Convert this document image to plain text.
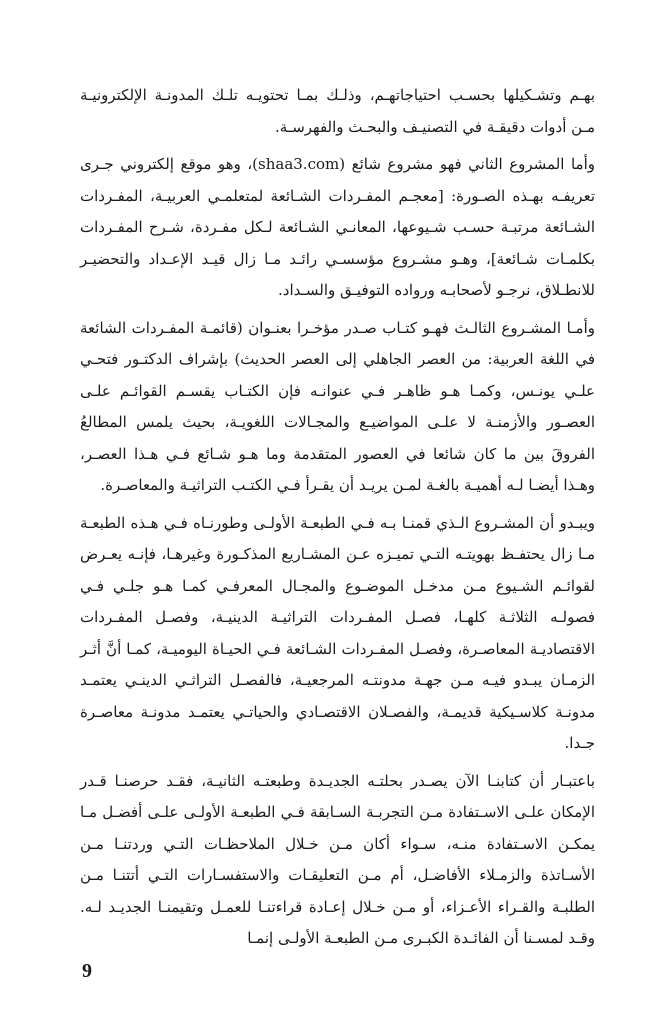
بهـم وتشـكيلها بحسـب احتياجاتهـم، وذلـك بمـا تحتويـه تلـك المدونـة الإلكترونيـة مـن أدوات دقيقـة في التصنيـف والبحـث والفهرسـة.

وأما المشروع الثاني فهو مشروع شائع (shaa3.com)، وهو موقع إلكتروني جـرى تعريفـه بهـذه الصـورة: [معجـم المفـردات الشـائعة لمتعلمـي العربيـة، المفـردات الشـائعة مرتبـة حسـب شـيوعها، المعانـي الشـائعة لـكل مفـردة، شـرح المفـردات بكلمـات شـائعة]، وهـو مشـروع مؤسسـي رائـد مـا زال قيـد الإعـداد والتحضيـر للانطـلاق، نرجـو لأصحابـه ورواده التوفيـق والسـداد.

وأمـا المشـروع الثالـث فهـو كتـاب صـدر مؤخـرا بعنـوان (قائمـة المفـردات الشائعة في اللغة العربية: من العصر الجاهلي إلى العصر الحديث) بإشراف الدكتـور فتحـي علـي يونـس، وكمـا هـو ظاهـر فـي عنوانـه فإن الكتـاب يقسـم القوائـم علـى العصـور والأزمنـة لا علـى المواضيـع والمجـالات اللغويـة، بحيث يلمس المطالعُ الفروقَ بين ما كان شائعا في العصور المتقدمة وما هـو شـائع فـي هـذا العصـر، وهـذا أيضـا لـه أهميـة بالغـة لمـن يريـد أن يقـرأ فـي الكتـب التراثيـة والمعاصـرة.

ويبـدو أن المشـروع الـذي قمنـا بـه فـي الطبعـة الأولـى وطورنـاه فـي هـذه الطبعـة مـا زال يحتفـظ بهويتـه التـي تميـزه عـن المشـاريع المذكـورة وغيرهـا، فإنـه يعـرض لقوائـم الشـيوع مـن مدخـل الموضـوع والمجـال المعرفـي كمـا هـو جلـي فـي فصولـه الثلاثـة كلهـا، فصـل المفـردات التراثيـة الدينيـة، وفصـل المفـردات الاقتصاديـة المعاصـرة، وفصـل المفـردات الشـائعة فـي الحيـاة اليوميـة، كمـا أنَّ أثـر الزمـان يبـدو فيـه مـن جهـة مدونتـه المرجعيـة، فالفصـل التراثـي الدينـي يعتمـد مدونـة كلاسـيكية قديمـة، والفصـلان الاقتصـادي والحياتـي يعتمـد مدونـة معاصـرة جـدا.

باعتبـار أن كتابنـا الآن يصـدر بحلتـه الجديـدة وطبعتـه الثانيـة، فقـد حرصنـا قـدر الإمكان علـى الاسـتفادة مـن التجربـة السـابقة فـي الطبعـة الأولـى علـى أفضـل مـا يمكـن الاسـتفادة منـه، سـواء أكان مـن خـلال الملاحظـات التـي وردتنـا مـن الأسـاتذة والزمـلاء الأفاضـل، أم مـن التعليقـات والاستفسـارات التـي أتتنـا مـن الطلبـة والقـراء الأعـزاء، أو مـن خـلال إعـادة قراءتنـا للعمـل وتقيمنـا الجديـد لـه. وقـد لمسـنا أن الفائـدة الكبـرى مـن الطبعـة الأولـى إنمـا

9
